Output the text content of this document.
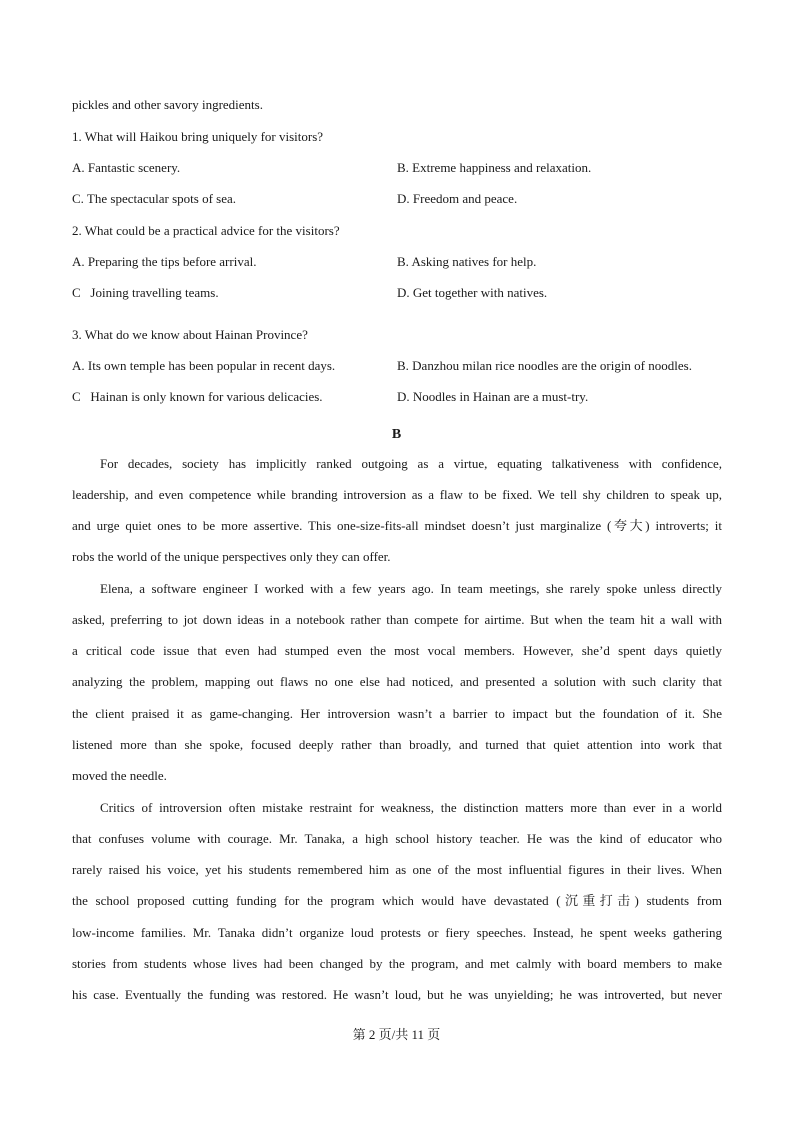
pickles and other savory ingredients.
1. What will Haikou bring uniquely for visitors?
A. Fantastic scenery.	B. Extreme happiness and relaxation.
C. The spectacular spots of sea.	D. Freedom and peace.
2. What could be a practical advice for the visitors?
A. Preparing the tips before arrival.	B. Asking natives for help.
C   Joining travelling teams.	D. Get together with natives.
3. What do we know about Hainan Province?
A. Its own temple has been popular in recent days.	B. Danzhou milan rice noodles are the origin of noodles.
C   Hainan is only known for various delicacies.	D. Noodles in Hainan are a must-try.
B
For decades, society has implicitly ranked outgoing as a virtue, equating talkativeness with confidence,
leadership, and even competence while branding introversion as a flaw to be fixed. We tell shy children to speak up,
and urge quiet ones to be more assertive. This one-size-fits-all mindset doesn’t just marginalize (夸大) introverts; it
robs the world of the unique perspectives only they can offer.
Elena, a software engineer I worked with a few years ago. In team meetings, she rarely spoke unless directly
asked, preferring to jot down ideas in a notebook rather than compete for airtime. But when the team hit a wall with
a critical code issue that even had stumped even the most vocal members. However, she’d spent days quietly
analyzing the problem, mapping out flaws no one else had noticed, and presented a solution with such clarity that
the client praised it as game-changing. Her introversion wasn’t a barrier to impact but the foundation of it. She
listened more than she spoke, focused deeply rather than broadly, and turned that quiet attention into work that
moved the needle.
Critics of introversion often mistake restraint for weakness, the distinction matters more than ever in a world
that confuses volume with courage. Mr. Tanaka, a high school history teacher. He was the kind of educator who
rarely raised his voice, yet his students remembered him as one of the most influential figures in their lives. When
the school proposed cutting funding for the program which would have devastated (沉重打击) students from
low-income families. Mr. Tanaka didn’t organize loud protests or fiery speeches. Instead, he spent weeks gathering
stories from students whose lives had been changed by the program, and met calmly with board members to make
his case. Eventually the funding was restored. He wasn’t loud, but he was unyielding; he was introverted, but never
第 2 页/共 11 页
